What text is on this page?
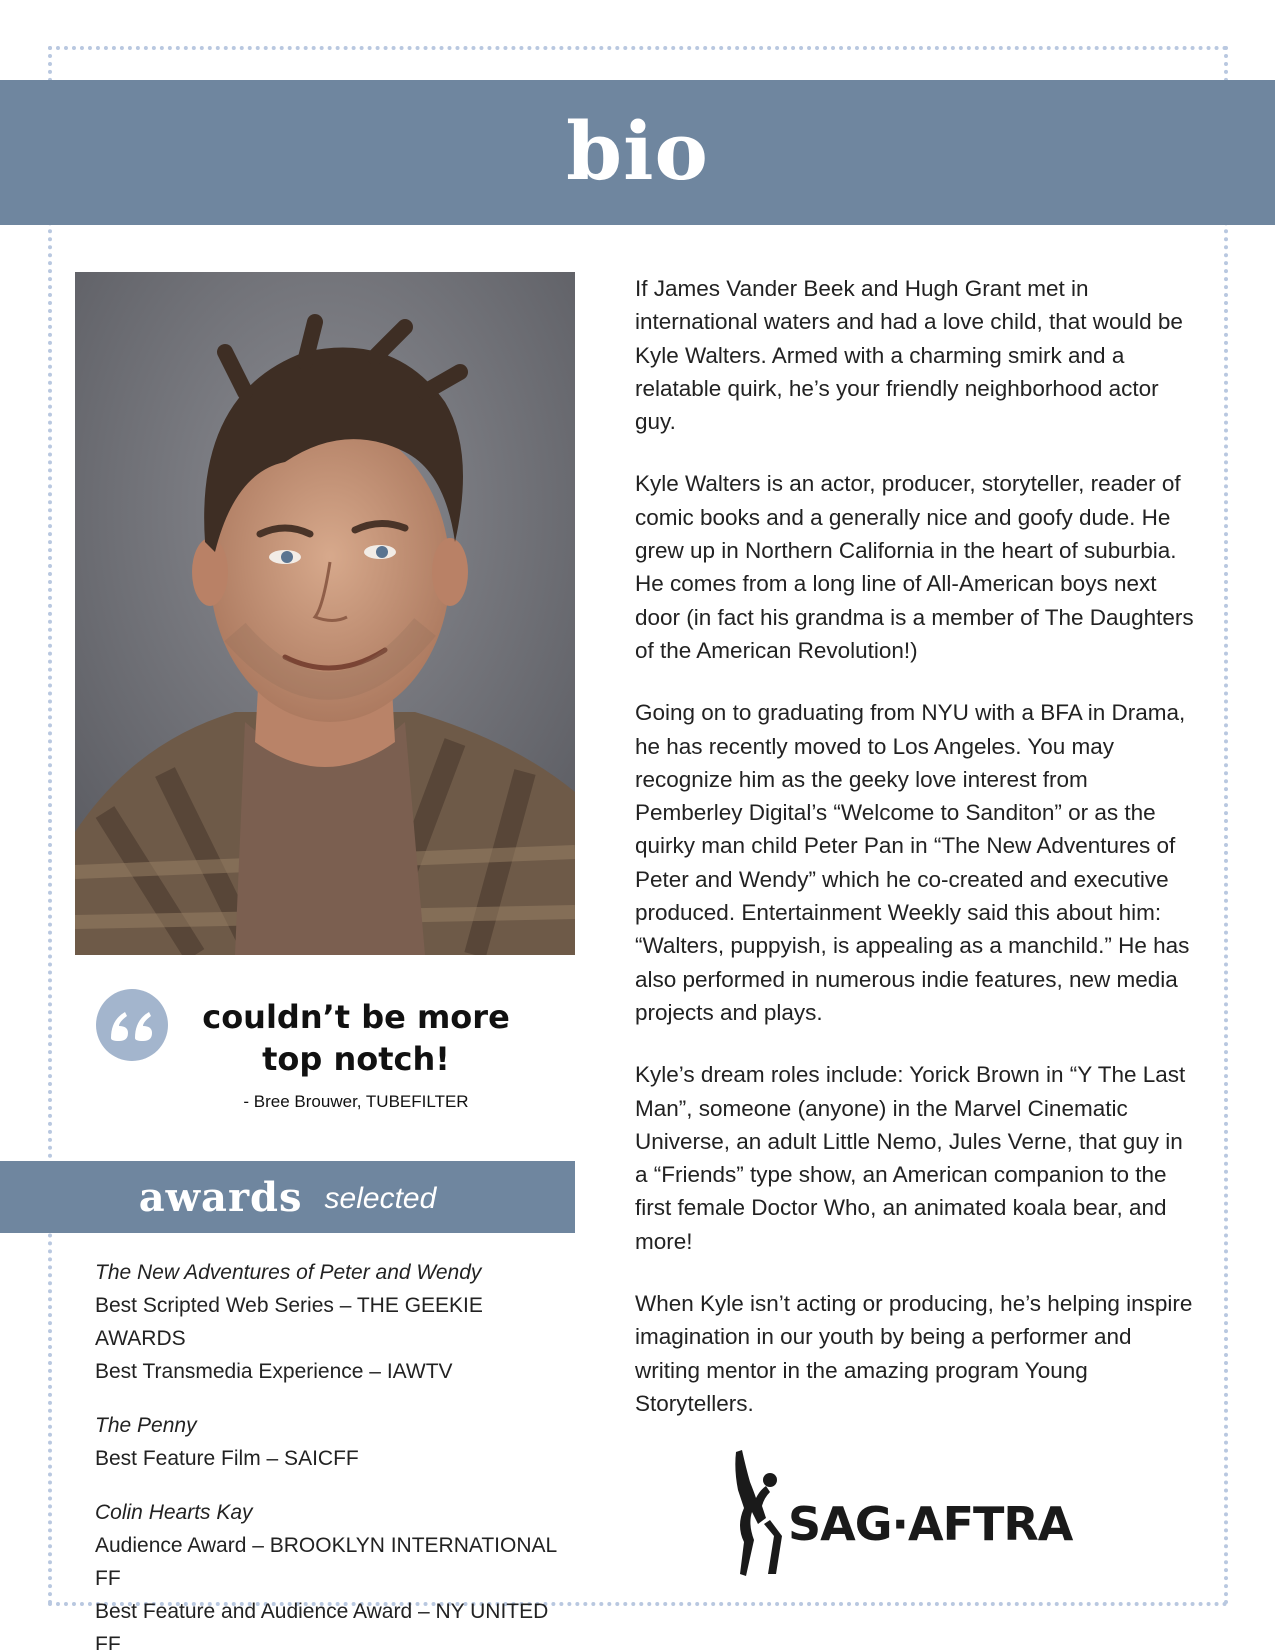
bio
couldn’t be more top notch!
- Bree Brouwer, TUBEFILTER
awards selected
The New Adventures of Peter and Wendy
Best Scripted Web Series – THE GEEKIE AWARDS
Best Transmedia Experience – IAWTV
The Penny
Best Feature Film – SAICFF
Colin Hearts Kay
Audience Award – BROOKLYN INTERNATIONAL FF
Best Feature and Audience Award – NY UNITED FF

If James Vander Beek and Hugh Grant met in international waters and had a love child, that would be Kyle Walters. Armed with a charming smirk and a relatable quirk, he’s your friendly neighborhood actor guy.

Kyle Walters is an actor, producer, storyteller, reader of comic books and a generally nice and goofy dude. He grew up in Northern California in the heart of suburbia. He comes from a long line of All-American boys next door (in fact his grandma is a member of The Daughters of the American Revolution!)

Going on to graduating from NYU with a BFA in Drama, he has recently moved to Los Angeles. You may recognize him as the geeky love interest from Pemberley Digital’s “Welcome to Sanditon” or as the quirky man child Peter Pan in “The New Adventures of Peter and Wendy” which he co-created and executive produced. Entertainment Weekly said this about him: “Walters, puppyish, is appealing as a manchild.” He has also performed in numerous indie features, new media projects and plays.

Kyle’s dream roles include: Yorick Brown in “Y The Last Man”, someone (anyone) in the Marvel Cinematic Universe, an adult Little Nemo, Jules Verne, that guy in a “Friends” type show, an American companion to the first female Doctor Who, an animated koala bear, and more!

When Kyle isn’t acting or producing, he’s helping inspire imagination in our youth by being a performer and writing mentor in the amazing program Young Storytellers.

SAG·AFTRA
